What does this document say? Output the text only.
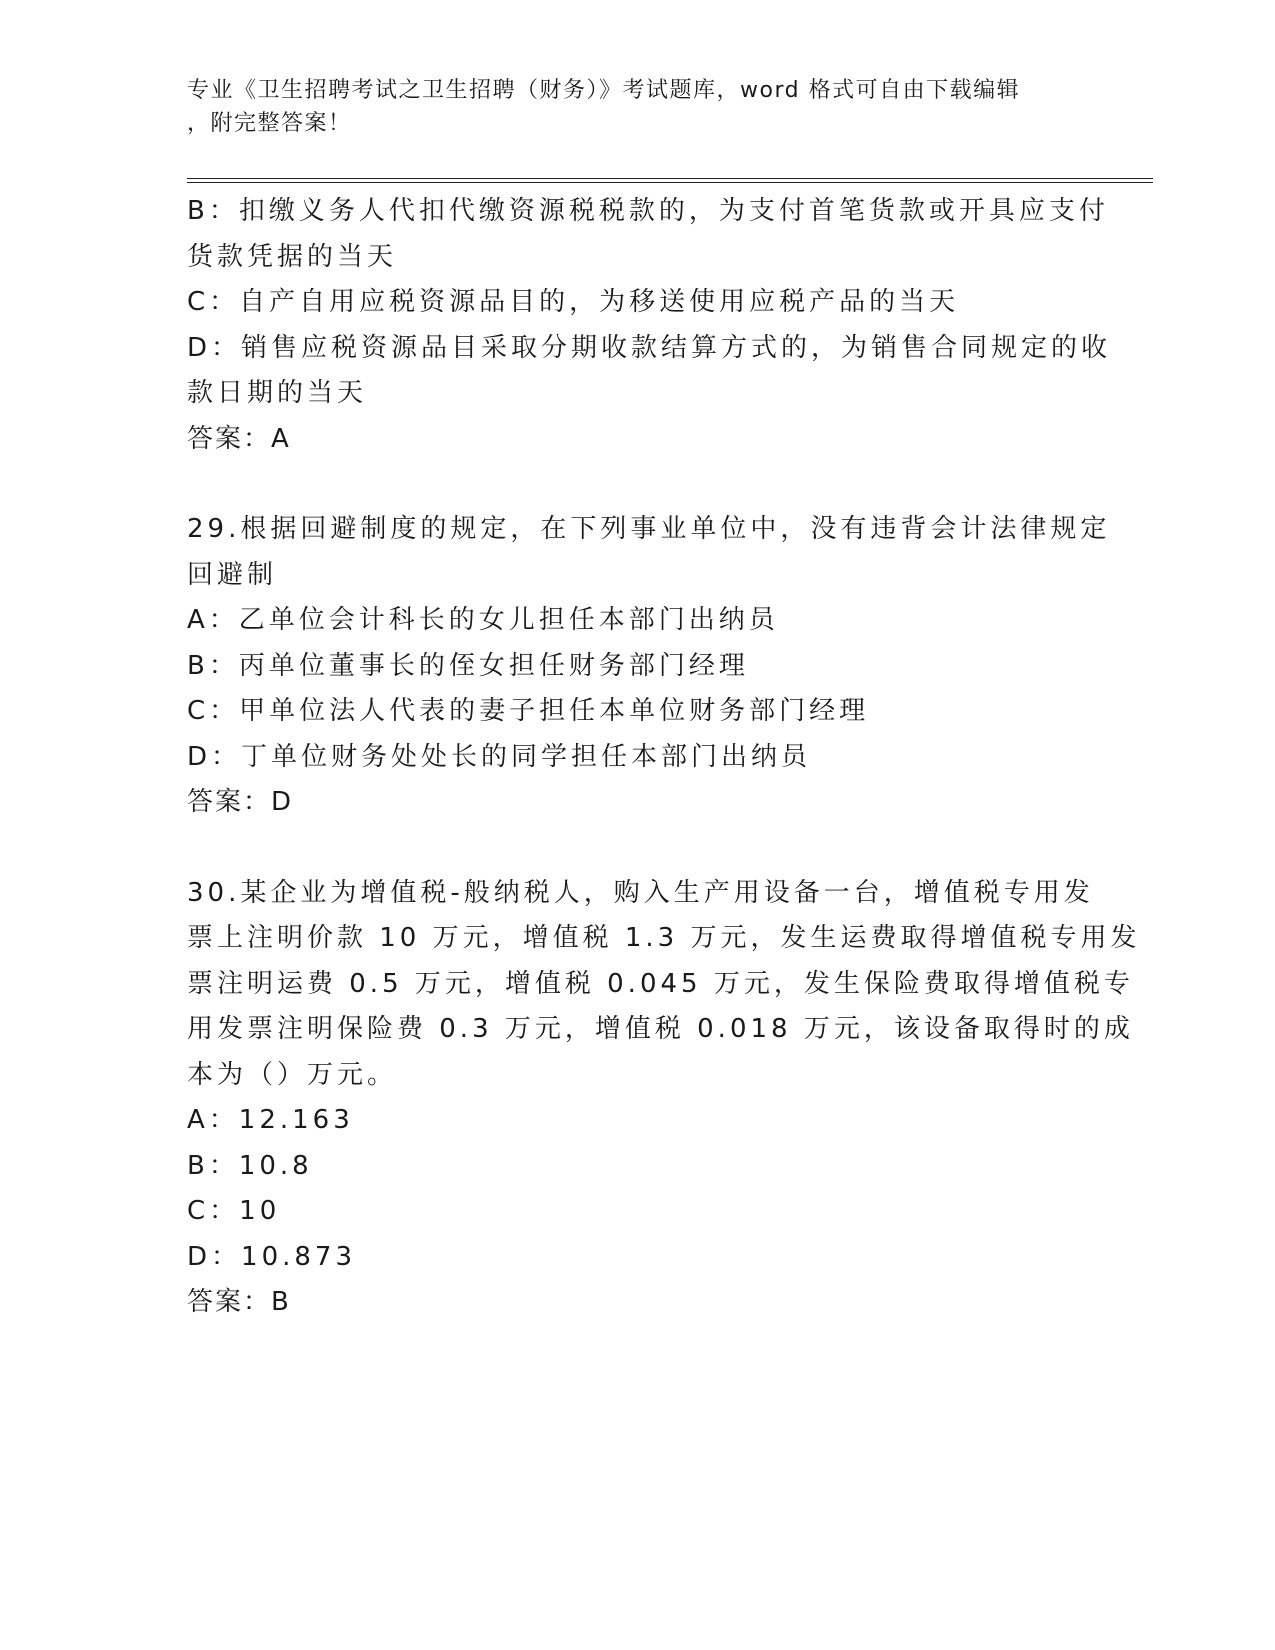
专业《卫生招聘考试之卫生招聘（财务）》考试题库，word 格式可自由下载编辑
，附完整答案！
B：扣缴义务人代扣代缴资源税税款的，为支付首笔货款或开具应支付
货款凭据的当天
C：自产自用应税资源品目的，为移送使用应税产品的当天
D：销售应税资源品目采取分期收款结算方式的，为销售合同规定的收
款日期的当天
答案：A
29.根据回避制度的规定，在下列事业单位中，没有违背会计法律规定
回避制
A：乙单位会计科长的女儿担任本部门出纳员
B：丙单位董事长的侄女担任财务部门经理
C：甲单位法人代表的妻子担任本单位财务部门经理
D：丁单位财务处处长的同学担任本部门出纳员
答案：D
30.某企业为增值税-般纳税人，购入生产用设备一台，增值税专用发
票上注明价款 10 万元，增值税 1.3 万元，发生运费取得增值税专用发
票注明运费 0.5 万元，增值税 0.045 万元，发生保险费取得增值税专
用发票注明保险费 0.3 万元，增值税 0.018 万元，该设备取得时的成
本为（）万元。
A：12.163
B：10.8
C：10
D：10.873
答案：B
